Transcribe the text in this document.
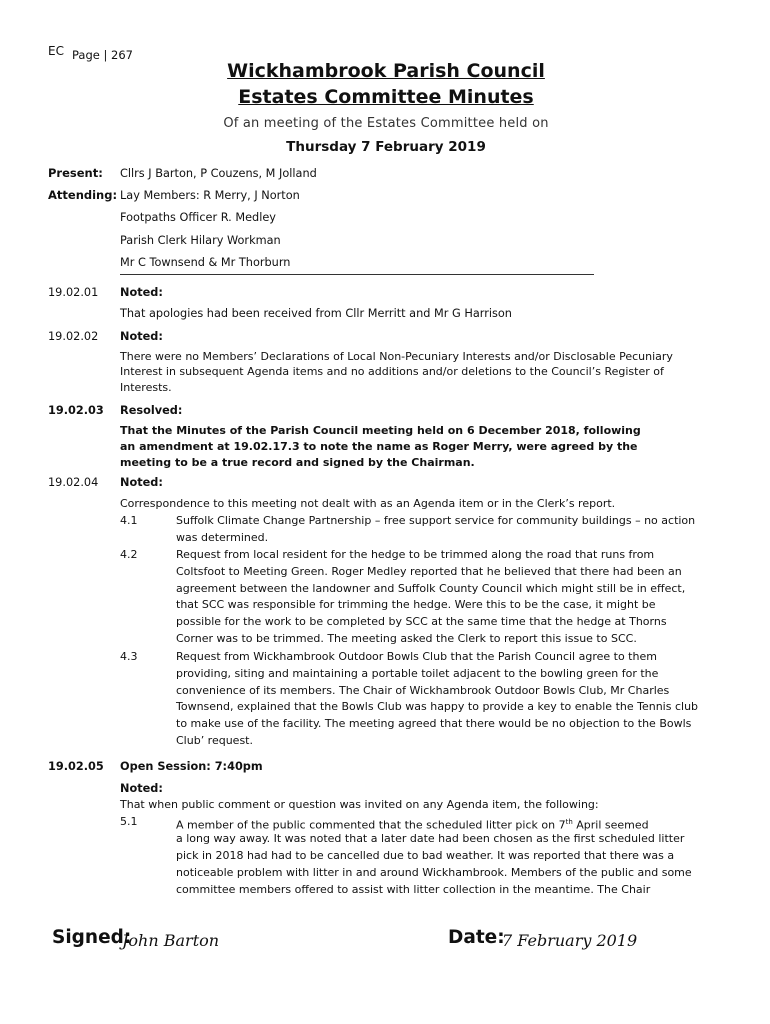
EC Page | 267
Wickhambrook Parish Council
Estates Committee Minutes
Of an meeting of the Estates Committee held on
Thursday 7 February 2019
Present: Cllrs J Barton, P Couzens, M Jolland
Attending: Lay Members: R Merry, J Norton
Footpaths Officer R. Medley
Parish Clerk Hilary Workman
Mr C Townsend & Mr Thorburn
19.02.01 Noted:
That apologies had been received from Cllr Merritt and Mr G Harrison
19.02.02 Noted:
There were no Members’ Declarations of Local Non-Pecuniary Interests and/or Disclosable Pecuniary
Interest in subsequent Agenda items and no additions and/or deletions to the Council’s Register of
Interests.
19.02.03 Resolved:
That the Minutes of the Parish Council meeting held on 6 December 2018, following
an amendment at 19.02.17.3 to note the name as Roger Merry, were agreed by the
meeting to be a true record and signed by the Chairman.
19.02.04 Noted:
Correspondence to this meeting not dealt with as an Agenda item or in the Clerk’s report.
4.1	Suffolk Climate Change Partnership – free support service for community buildings – no action
was determined.
4.2	Request from local resident for the hedge to be trimmed along the road that runs from
Coltsfoot to Meeting Green. Roger Medley reported that he believed that there had been an
agreement between the landowner and Suffolk County Council which might still be in effect,
that SCC was responsible for trimming the hedge. Were this to be the case, it might be
possible for the work to be completed by SCC at the same time that the hedge at Thorns
Corner was to be trimmed. The meeting asked the Clerk to report this issue to SCC.
4.3	Request from Wickhambrook Outdoor Bowls Club that the Parish Council agree to them
providing, siting and maintaining a portable toilet adjacent to the bowling green for the
convenience of its members. The Chair of Wickhambrook Outdoor Bowls Club, Mr Charles
Townsend, explained that the Bowls Club was happy to provide a key to enable the Tennis club
to make use of the facility. The meeting agreed that there would be no objection to the Bowls
Club’ request.
19.02.05 Open Session: 7:40pm
Noted:
That when public comment or question was invited on any Agenda item, the following:
5.1	A member of the public commented that the scheduled litter pick on 7th April seemed
a long way away. It was noted that a later date had been chosen as the first scheduled litter
pick in 2018 had had to be cancelled due to bad weather. It was reported that there was a
noticeable problem with litter in and around Wickhambrook. Members of the public and some
committee members offered to assist with litter collection in the meantime. The Chair
Signed:
John Barton	Date:
7 February 2019
